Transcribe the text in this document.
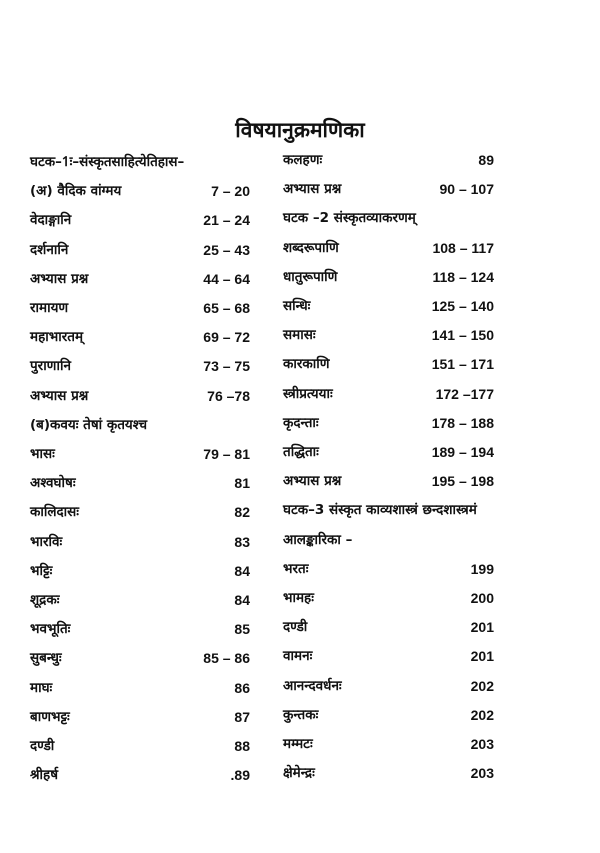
विषयानुक्रमणिका
घटक–1ः–संस्कृतसाहित्येतिहास–
(अ) वैदिक वांग्मय	7 – 20
वेदाङ्गानि	21 – 24
दर्शनानि	25 – 43
अभ्यास प्रश्न	44 – 64
रामायण	65 – 68
महाभारतम्	69 – 72
पुराणानि	73 – 75
अभ्यास प्रश्न	76 –78
(ब)कवयः तेषां कृतयश्च
भासः	79 – 81
अश्वघोषः	81
कालिदासः	82
भारविः	83
भट्टिः	84
शूद्रकः	84
भवभूतिः	85
सुबन्धुः	85 – 86
माघः	86
बाणभट्टः	87
दण्डी	88
श्रीहर्ष	.89
कलहणः	89
अभ्यास प्रश्न	90 – 107
घटक –2 संस्कृतव्याकरणम्
शब्दरूपाणि	108 – 117
धातुरूपाणि	118 – 124
सन्धिः	125 – 140
समासः	141 – 150
कारकाणि	151 – 171
स्त्रीप्रत्ययाः	172 –177
कृदन्ताः	178 – 188
तद्धिताः	189 – 194
अभ्यास प्रश्न	195 – 198
घटक–3 संस्कृत काव्यशास्त्रं छन्दशास्त्रमं
आलङ्कारिका –
भरतः	199
भामहः	200
दण्डी	201
वामनः	201
आनन्दवर्धनः	202
कुन्तकः	202
मम्मटः	203
क्षेमेन्द्रः	203
